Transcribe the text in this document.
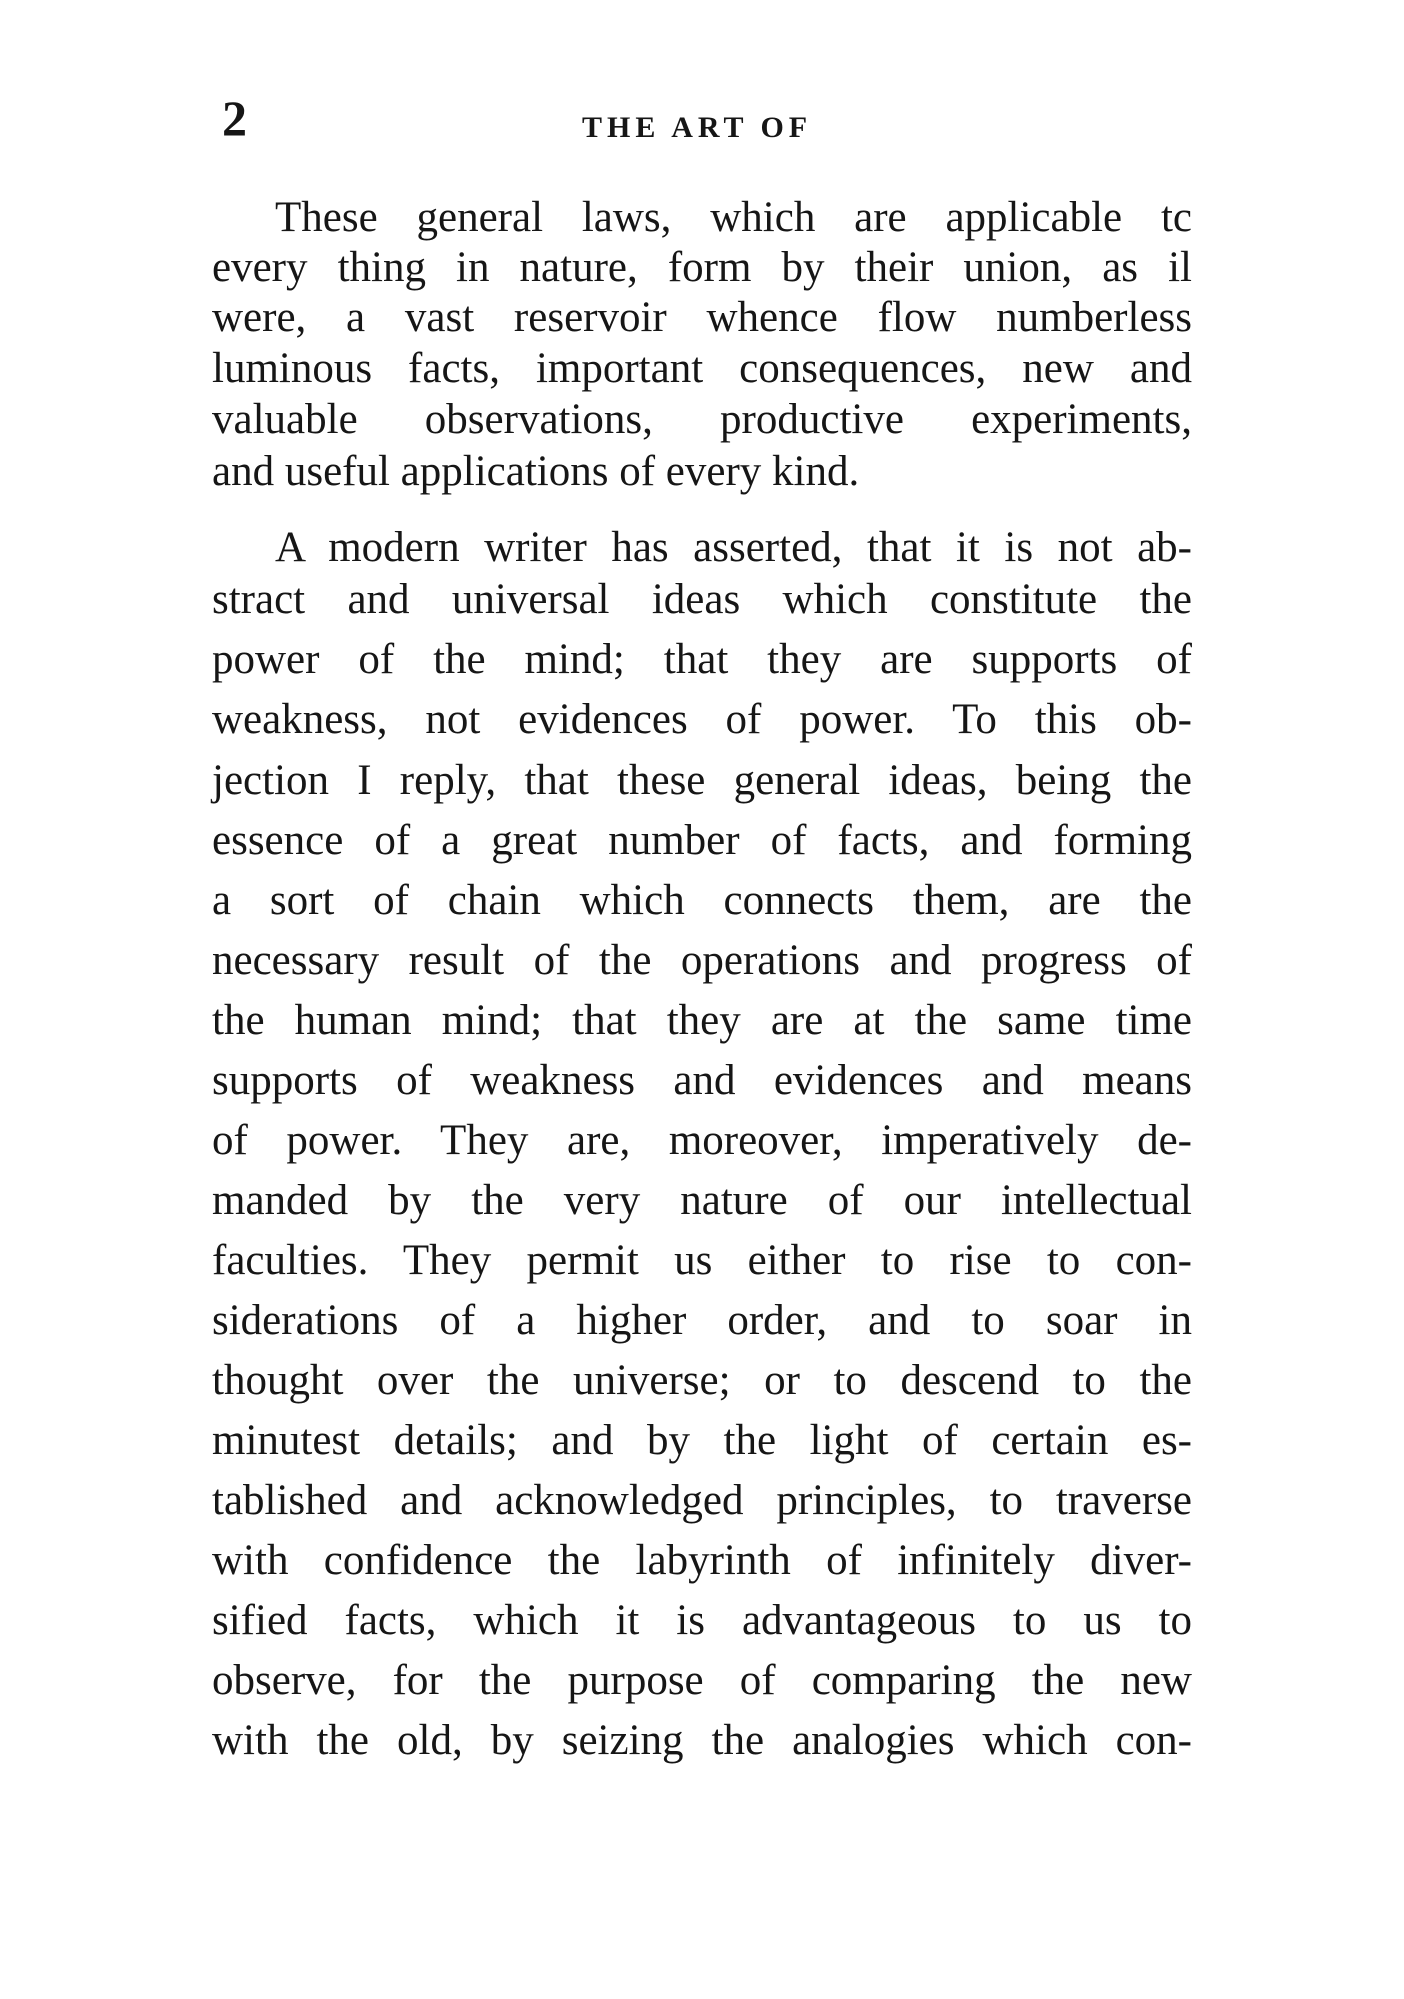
2	THE ART OF
These general laws, which are applicable tc
every thing in nature, form by their union, as il
were, a vast reservoir whence flow numberless
luminous facts, important consequences, new and
valuable observations, productive experiments,
and useful applications of every kind.
A modern writer has asserted, that it is not ab-
stract and universal ideas which constitute the
power of the mind; that they are supports of
weakness, not evidences of power. To this ob-
jection I reply, that these general ideas, being the
essence of a great number of facts, and forming
a sort of chain which connects them, are the
necessary result of the operations and progress of
the human mind; that they are at the same time
supports of weakness and evidences and means
of power. They are, moreover, imperatively de-
manded by the very nature of our intellectual
faculties. They permit us either to rise to con-
siderations of a higher order, and to soar in
thought over the universe; or to descend to the
minutest details; and by the light of certain es-
tablished and acknowledged principles, to traverse
with confidence the labyrinth of infinitely diver-
sified facts, which it is advantageous to us to
observe, for the purpose of comparing the new
with the old, by seizing the analogies which con-
